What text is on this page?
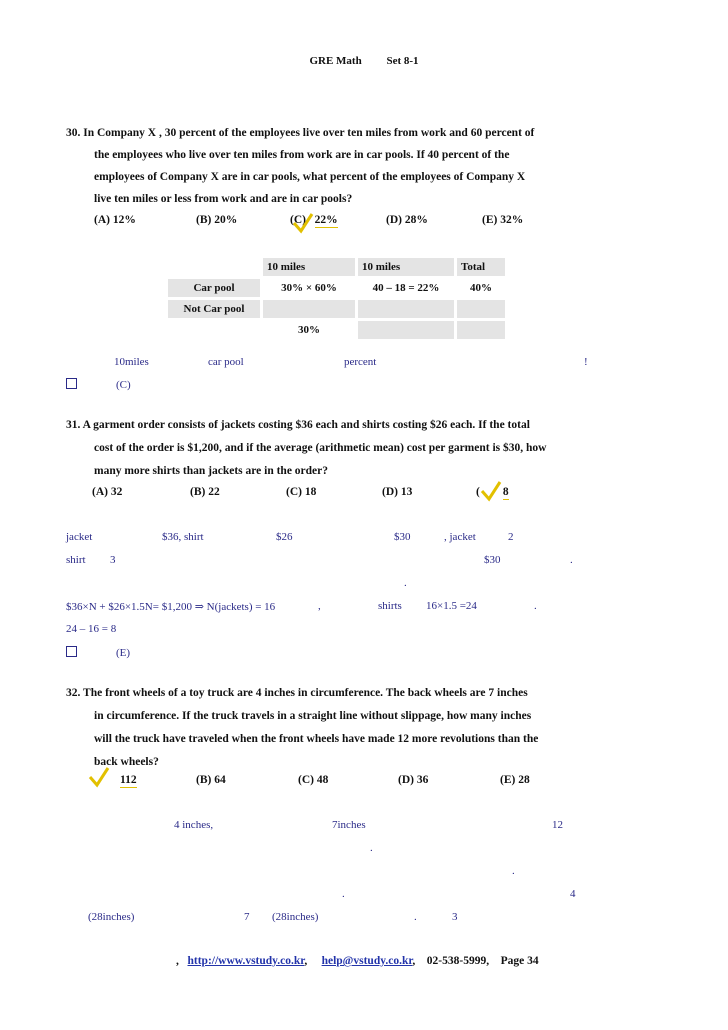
GRE Math Set 8-1
30. In Company X , 30 percent of the employees live over ten miles from work and 60 percent of
the employees who live over ten miles from work are in car pools. If 40 percent of the
employees of Company X are in car pools, what percent of the employees of Company X
live ten miles or less from work and are in car pools?
(A) 12%	(B) 20%	(C) 22%	(D) 28%	(E) 32%
	10 miles	10 miles	Total
Car pool	30% × 60%	40 – 18 = 22%	40%
Not Car pool			
	30%		
10miles	car pool	percent	!
(C)
31. A garment order consists of jackets costing $36 each and shirts costing $26 each. If the total
cost of the order is $1,200, and if the average (arithmetic mean) cost per garment is $30, how
many more shirts than jackets are in the order?
(A) 32	(B) 22	(C) 18	(D) 13	( 8
jacket	$36, shirt	$26	$30	, jacket	2
shirt 3	$30	.
.
$36×N + $26×1.5N= $1,200 ⇒ N(jackets) = 16	,	shirts 16×1.5 =24	.
24 – 16 = 8
(E)
32. The front wheels of a toy truck are 4 inches in circumference. The back wheels are 7 inches
in circumference. If the truck travels in a straight line without slippage, how many inches
will the truck have traveled when the front wheels have made 12 more revolutions than the
back wheels?
112	(B) 64	(C) 48	(D) 36	(E) 28
4 inches,	7inches	12
.
.
.	4
(28inches)	7 (28inches)	.	3
,   http://www.vstudy.co.kr,     help@vstudy.co.kr,    02-538-5999, Page 34
